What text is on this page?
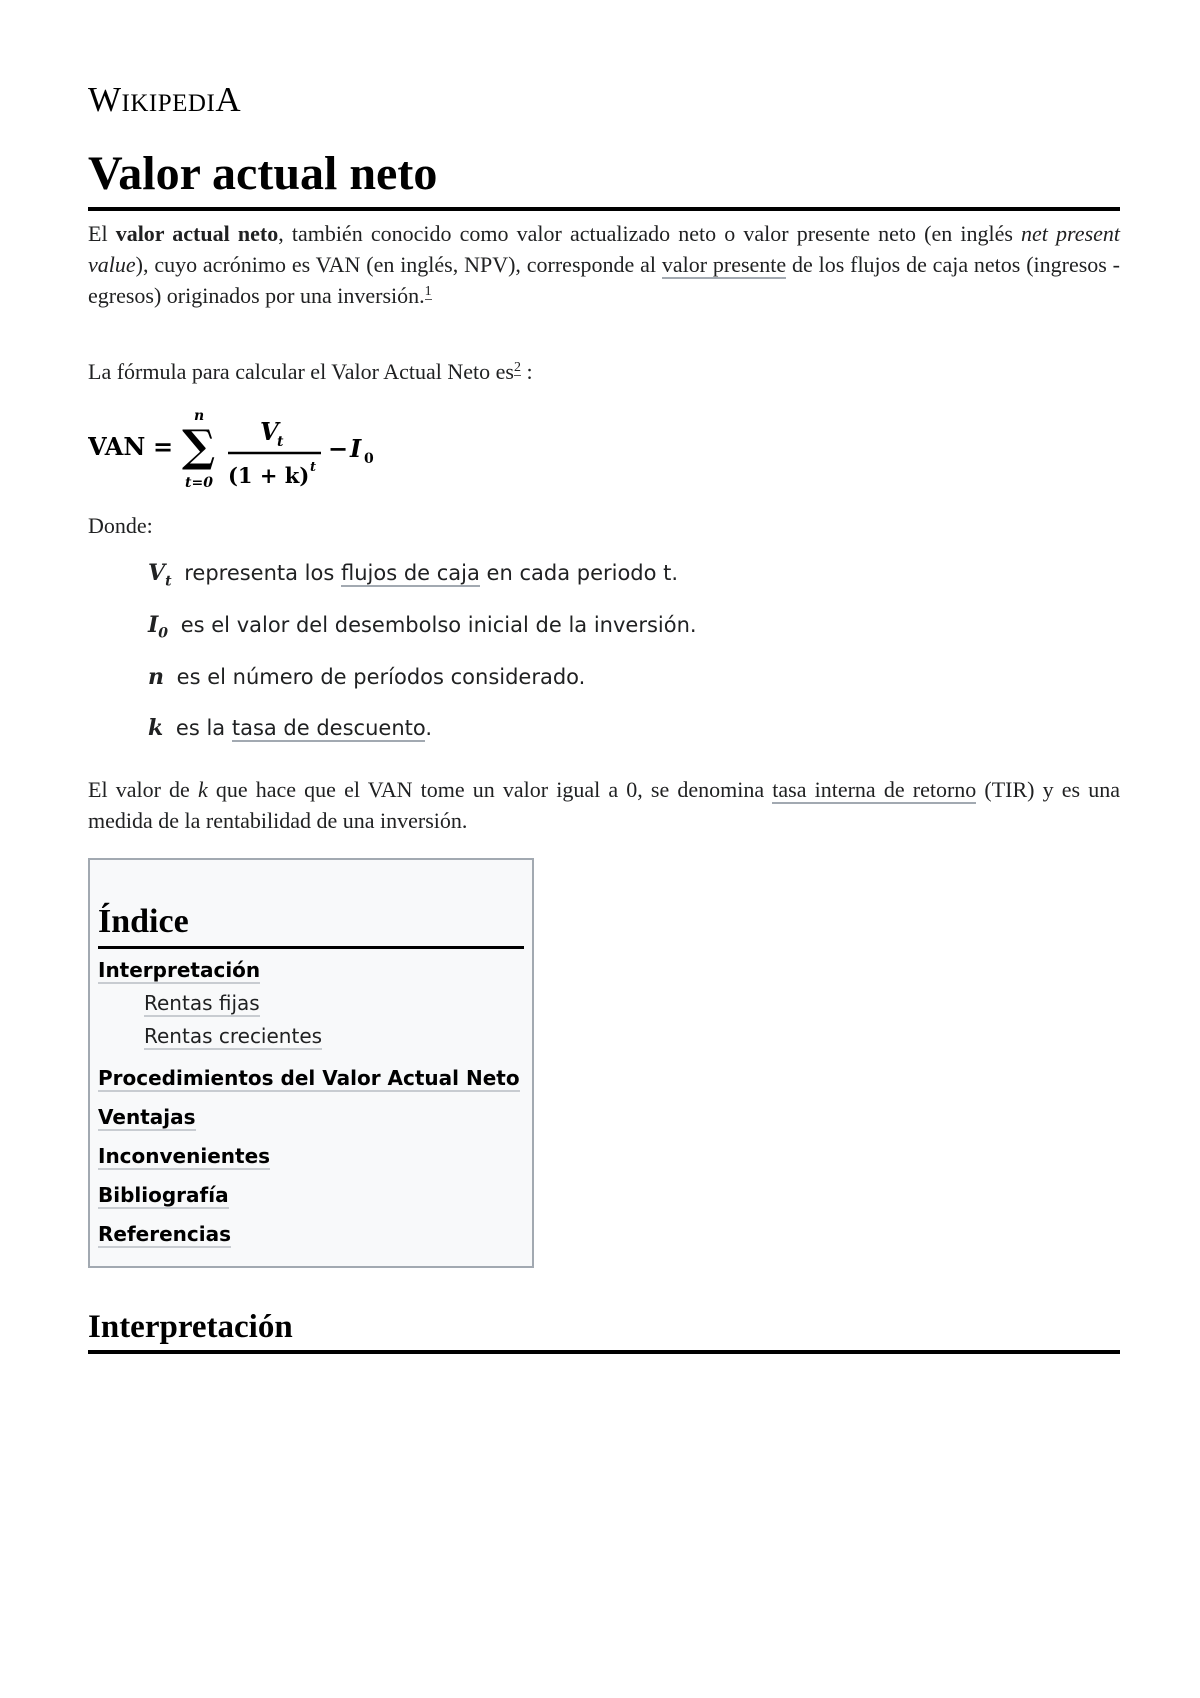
WIKIPEDIA
Valor actual neto

El valor actual neto, también conocido como valor actualizado neto o valor presente neto (en inglés net present value), cuyo acrónimo es VAN (en inglés, NPV), corresponde al valor presente de los flujos de caja netos (ingresos - egresos) originados por una inversión.$^1$

La fórmula para calcular el Valor Actual Neto $es^2$ :

VAN = ∑
n
t=0
V
t
(1 + k) t
− I 0

Donde:

$V_t$ representa los flujos de caja en cada periodo t.
$I_0$ es el valor del desembolso inicial de la inversión.
n es el número de períodos considerado.
k es la tasa de descuento.

El valor de k que hace que el VAN tome un valor igual a 0, se denomina tasa interna de retorno (TIR) y es una medida de la rentabilidad de una inversión.

Índice
Interpretación
Rentas fijas
Rentas crecientes
Procedimientos del Valor Actual Neto
Ventajas
Inconvenientes
Bibliografía
Referencias
Interpretación
